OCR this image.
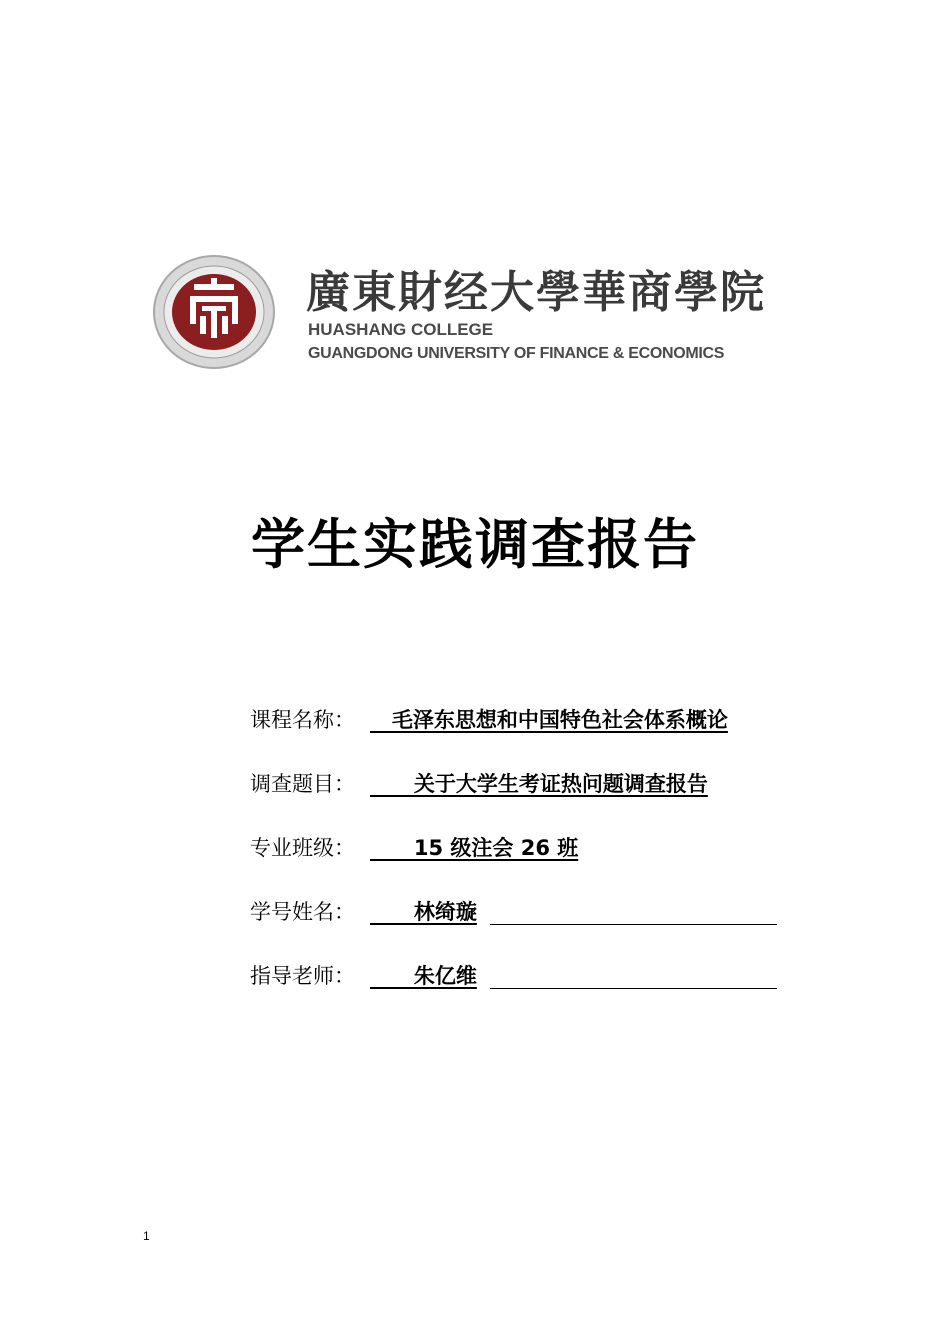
廣東財经大學華商學院
HUASHANG COLLEGE
GUANGDONG UNIVERSITY OF FINANCE & ECONOMICS
学生实践调查报告
课程名称： 毛泽东思想和中国特色社会体系概论
调查题目： 关于大学生考证热问题调查报告
专业班级： 15 级注会 26 班
学号姓名： 林绮璇
指导老师： 朱亿维
1
